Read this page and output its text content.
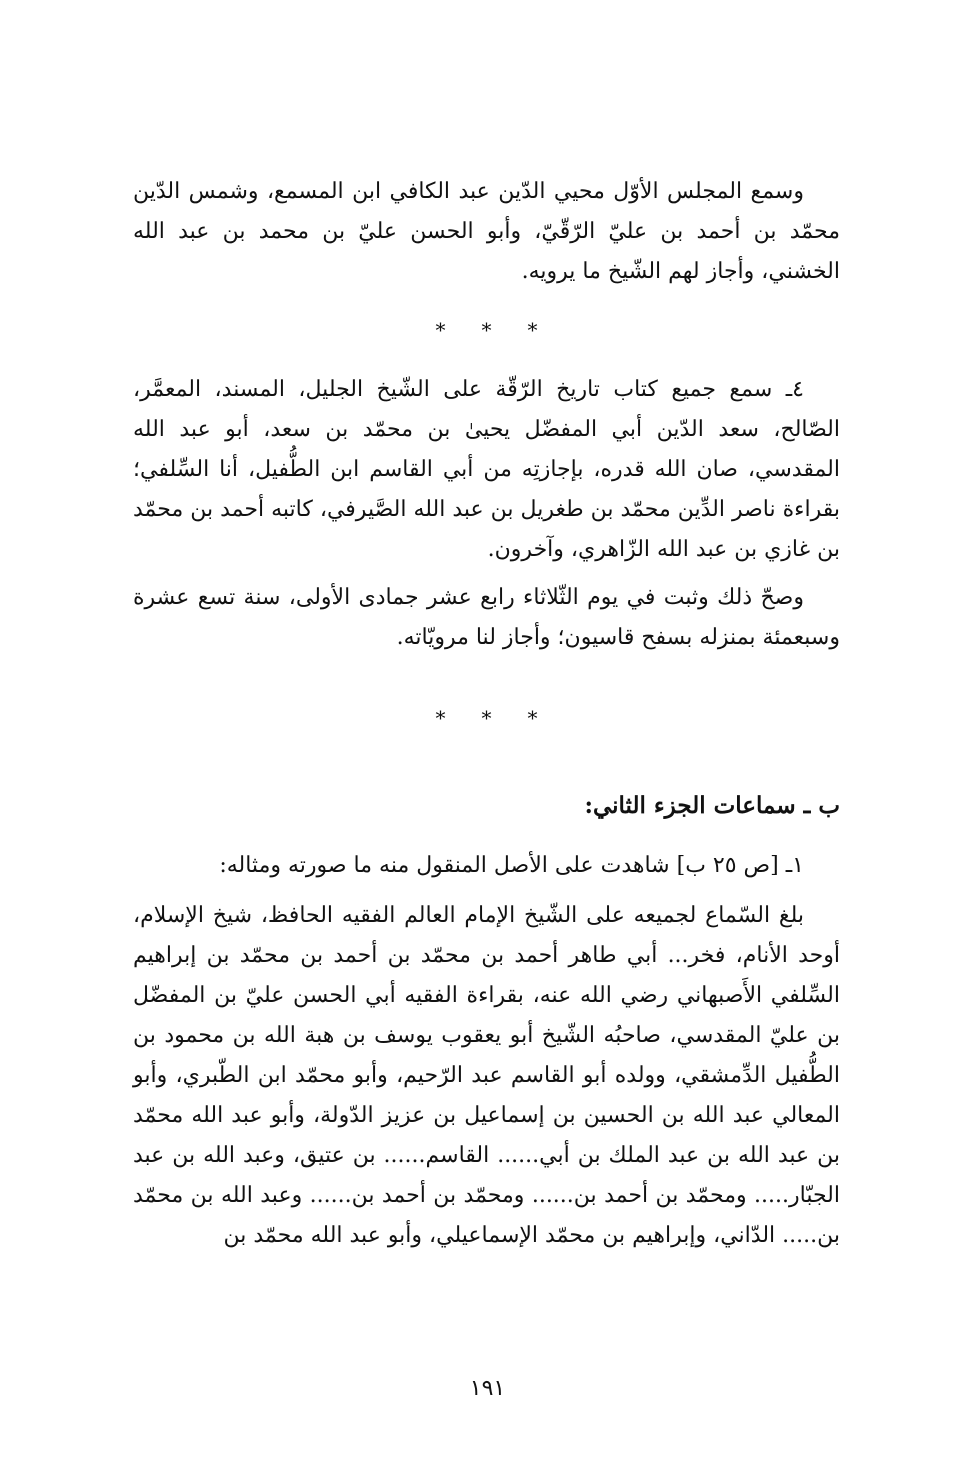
وسمع المجلس الأوّل محيي الدّين عبد الكافي ابن المسمع، وشمس الدّين محمّد بن أحمد بن عليّ الرّقّيّ، وأبو الحسن عليّ بن محمد بن عبد الله الخشني، وأجاز لهم الشّيخ ما يرويه.

* * *

٤ـ سمع جميع كتاب تاريخ الرّقّة على الشّيخ الجليل، المسند، المعمَّر، الصّالح، سعد الدّين أبي المفضّل يحيىٰ بن محمّد بن سعد، أبو عبد الله المقدسي، صان الله قدره، بإجازتِه من أبي القاسم ابن الطُّفيل، أنا السِّلفي؛ بقراءة ناصر الدِّين محمّد بن طغريل بن عبد الله الصَّيرفي، كاتبه أحمد بن محمّد بن غازي بن عبد الله الزّاهري، وآخرون.

وصحّ ذلك وثبت في يوم الثّلاثاء رابع عشر جمادى الأولى، سنة تسع عشرة وسبعمئة بمنزله بسفح قاسيون؛ وأجاز لنا مرويّاته.

* * *
ب ـ سماعات الجزء الثاني:

١ـ [ص ٢٥ ب] شاهدت على الأصل المنقول منه ما صورته ومثاله:

بلغ السّماع لجميعه على الشّيخ الإمام العالم الفقيه الحافظ، شيخ الإسلام، أوحد الأنام، فخر... أبي طاهر أحمد بن محمّد بن أحمد بن محمّد بن إبراهيم السِّلفي الأَصبهاني رضي الله عنه، بقراءة الفقيه أبي الحسن عليّ بن المفضّل بن عليّ المقدسي، صاحبُه الشّيخ أبو يعقوب يوسف بن هبة الله بن محمود بن الطُّفيل الدِّمشقي، وولده أبو القاسم عبد الرّحيم، وأبو محمّد ابن الطّبري، وأبو المعالي عبد الله بن الحسين بن إسماعيل بن عزيز الدّولة، وأبو عبد الله محمّد بن عبد الله بن عبد الملك بن أبي...... القاسم...... بن عتيق، وعبد الله بن عبد الجبّار..... ومحمّد بن أحمد بن...... ومحمّد بن أحمد بن...... وعبد الله بن محمّد بن..... الدّاني، وإبراهيم بن محمّد الإسماعيلي، وأبو عبد الله محمّد بن

١٩١
